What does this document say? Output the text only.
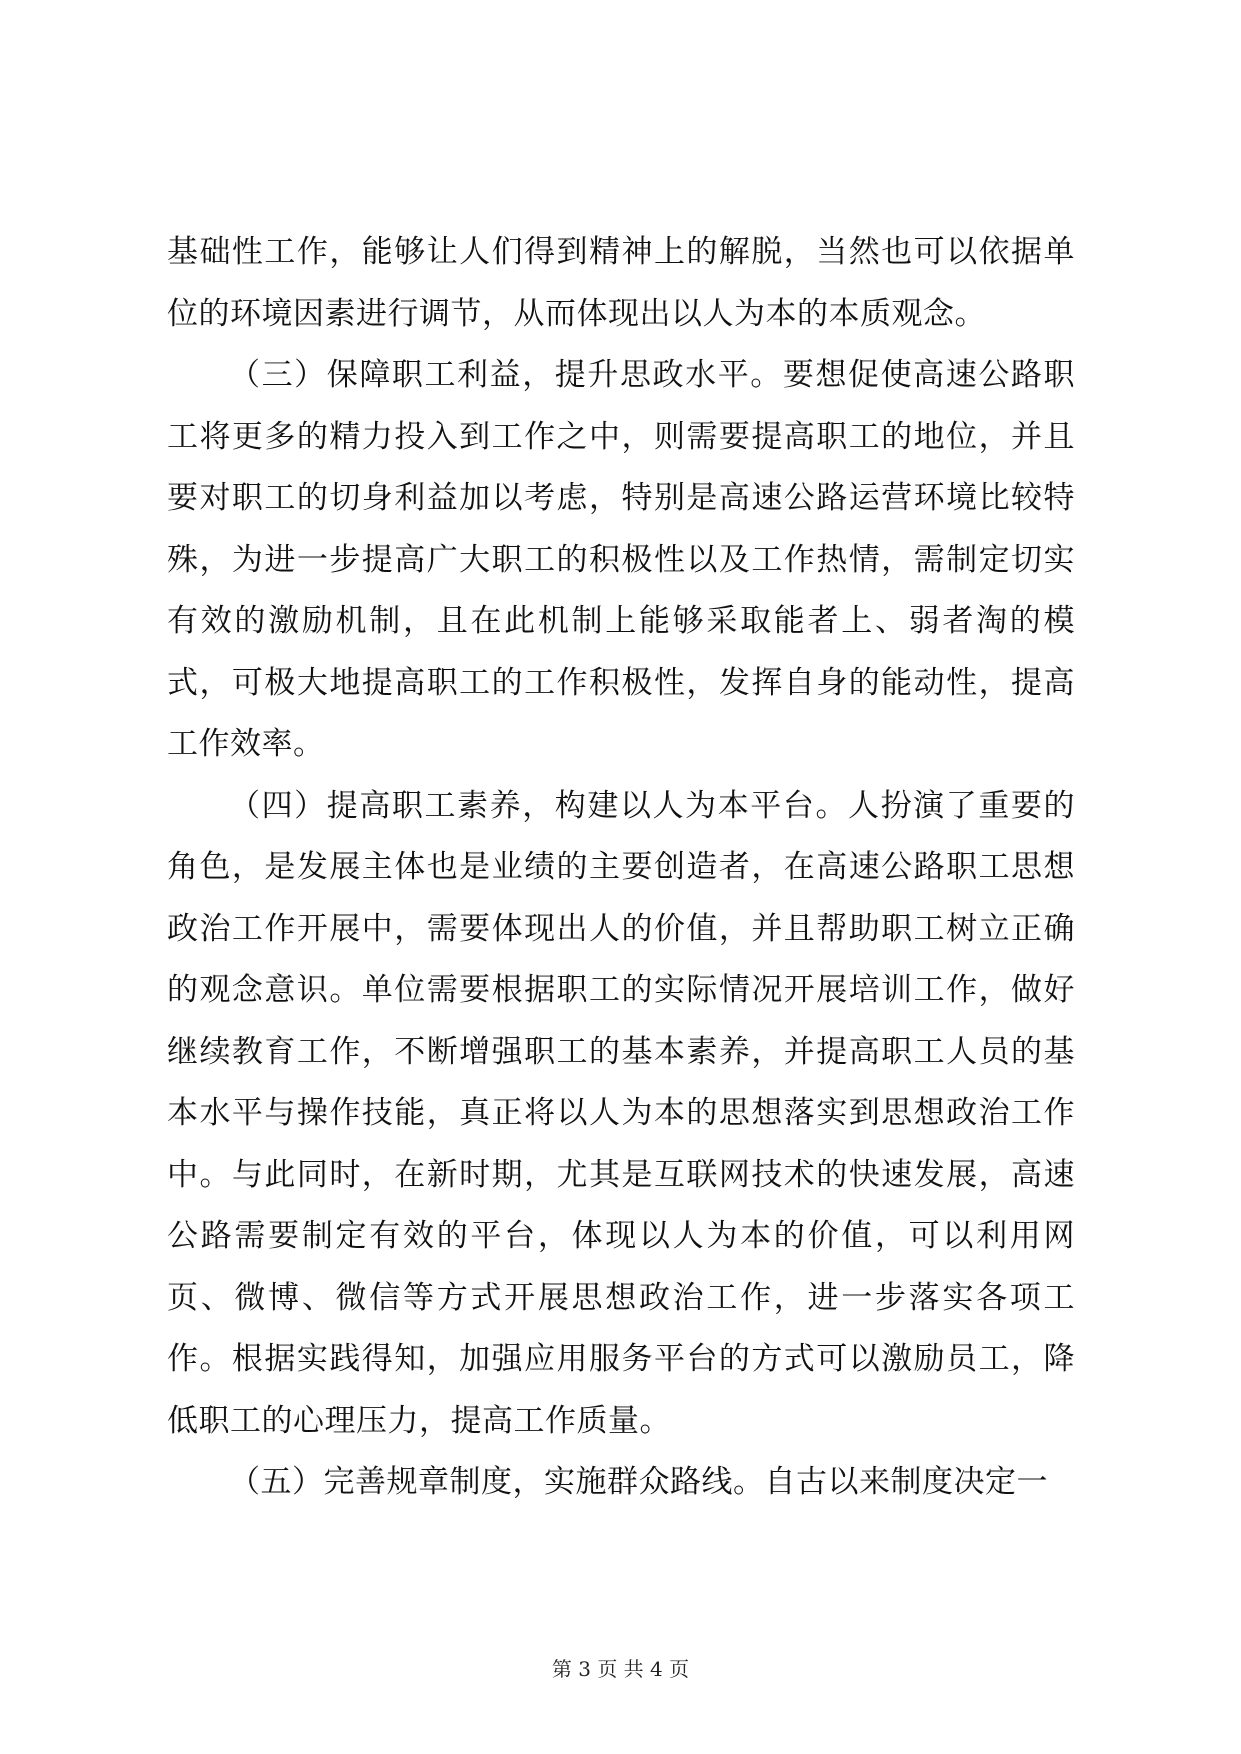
基础性工作，能够让人们得到精神上的解脱，当然也可以依据单位的环境因素进行调节，从而体现出以人为本的本质观念。

（三）保障职工利益，提升思政水平。要想促使高速公路职工将更多的精力投入到工作之中，则需要提高职工的地位，并且要对职工的切身利益加以考虑，特别是高速公路运营环境比较特殊，为进一步提高广大职工的积极性以及工作热情，需制定切实有效的激励机制，且在此机制上能够采取能者上、弱者淘的模式，可极大地提高职工的工作积极性，发挥自身的能动性，提高工作效率。

（四）提高职工素养，构建以人为本平台。人扮演了重要的角色，是发展主体也是业绩的主要创造者，在高速公路职工思想政治工作开展中，需要体现出人的价值，并且帮助职工树立正确的观念意识。单位需要根据职工的实际情况开展培训工作，做好继续教育工作，不断增强职工的基本素养，并提高职工人员的基本水平与操作技能，真正将以人为本的思想落实到思想政治工作中。与此同时，在新时期，尤其是互联网技术的快速发展，高速公路需要制定有效的平台，体现以人为本的价值，可以利用网页、微博、微信等方式开展思想政治工作，进一步落实各项工作。根据实践得知，加强应用服务平台的方式可以激励员工，降低职工的心理压力，提高工作质量。

（五）完善规章制度，实施群众路线。自古以来制度决定一

第 3 页 共 4 页
